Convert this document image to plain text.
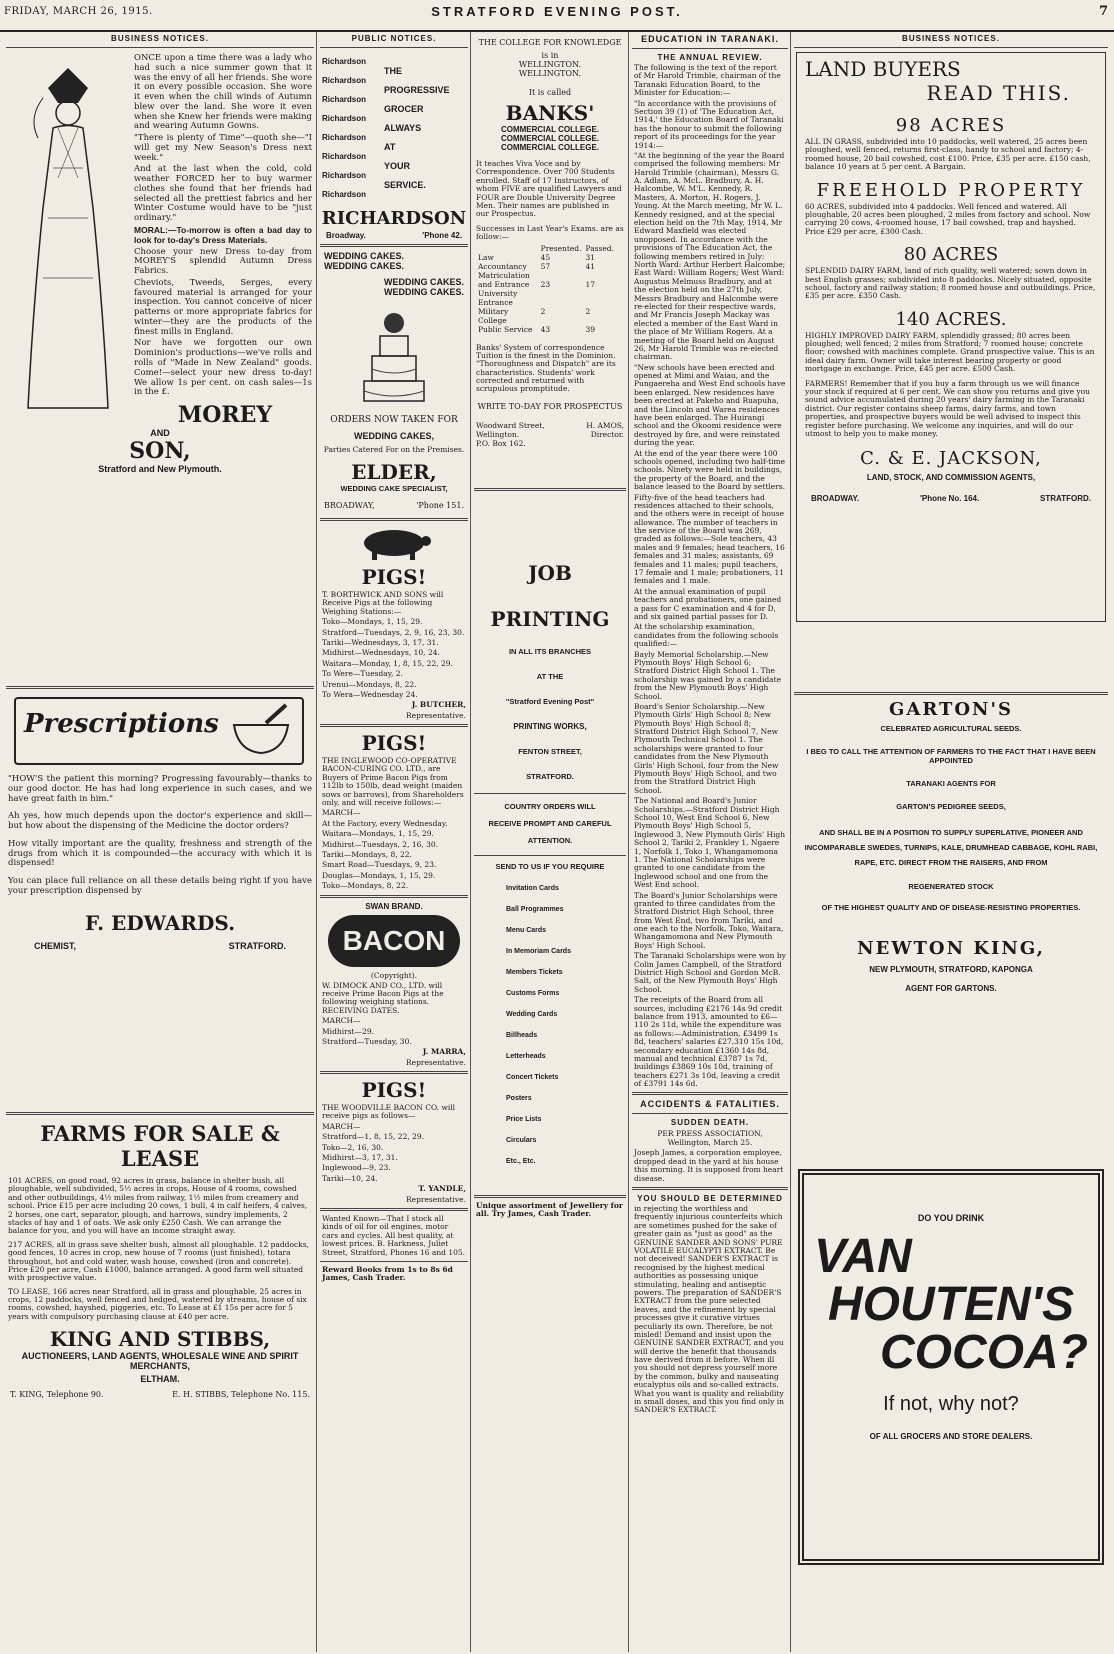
FRIDAY, MARCH 26, 1915.	STRATFORD EVENING POST.	7
BUSINESS NOTICES.
ONCE upon a time there was a lady who had such a nice summer gown that it was the envy of all her friends. She wore it on every possible occasion. She wore it even when the chill winds of Autumn blew over the land. She wore it even when she Knew her friends were making and wearing Autumn Gowns.
"There is plenty of Time"—quoth she—"I will get my New Season's Dress next week."
And at the last when the cold, cold weather FORCED her to buy warmer clothes she found that her friends had selected all the prettiest fabrics and her Winter Costume would have to be "just ordinary."
MORAL:—To-morrow is often a bad day to look for to-day's Dress Materials.
Choose your new Dress to-day from MOREY'S splendid Autumn Dress Fabrics.
Cheviots, Tweeds, Serges, every favoured material is arranged for your inspection. You cannot conceive of nicer patterns or more appropriate fabrics for winter—they are the products of the finest mills in England.
Nor have we forgotten our own Dominion's productions—we've rolls and rolls of "Made in New Zealand" goods. Come!—select your new dress to-day! We allow 1s per cent. on cash sales—1s in the £.
MOREY
AND
SON,
Stratford and New Plymouth.
Prescriptions
"HOW'S the patient this morning? Progressing favourably—thanks to our good doctor. He has had long experience in such cases, and we have great faith in him."
Ah yes, how much depends upon the doctor's experience and skill—but how about the dispensing of the Medicine the doctor orders?
How vitally important are the quality, freshness and strength of the drugs from which it is compounded—the accuracy with which it is dispensed!
You can place full reliance on all these details being right if you have your prescription dispensed by
F. EDWARDS.
CHEMIST,	STRATFORD.
FARMS FOR SALE & LEASE
101 ACRES, on good road, 92 acres in grass, balance in shelter bush, all ploughable, well subdivided, 5½ acres in crops, House of 4 rooms, cowshed and other outbuildings, 4½ miles from railway, 1½ miles from creamery and school. Price £15 per acre including 20 cows, 1 bull, 4 in calf heifers, 4 calves, 2 horses, one cart, separator, plough, and harrows, sundry implements, 2 stacks of hay and 1 of oats. We ask only £250 Cash. We can arrange the balance for you, and you will have an income straight away.
217 ACRES, all in grass save shelter bush, almost all ploughable. 12 paddocks, good fences, 10 acres in crop, new house of 7 rooms (just finished), totara throughout, hot and cold water, wash house, cowshed (iron and concrete). Price £20 per acre, Cash £1000, balance arranged. A good farm well situated with prospective value.
TO LEASE, 166 acres near Stratford, all in grass and ploughable, 25 acres in crops, 12 paddocks, well fenced and hedged, watered by streams, house of six rooms, cowshed, hayshed, piggeries, etc. To Lease at £1 15s per acre for 5 years with compulsory purchasing clause at £40 per acre.
KING AND STIBBS,
AUCTIONEERS, LAND AGENTS, WHOLESALE WINE AND SPIRIT MERCHANTS,
ELTHAM.
T. KING, Telephone 90.	E. H. STIBBS, Telephone No. 115.
PUBLIC NOTICES.
Richardson
Richardson
Richardson
Richardson
Richardson
Richardson
Richardson
Richardson
THE
PROGRESSIVE
GROCER
ALWAYS
AT
YOUR
SERVICE.
RICHARDSON
Broadway.	'Phone 42.
WEDDING CAKES.
WEDDING CAKES.
WEDDING CAKES.
WEDDING CAKES.
ORDERS NOW TAKEN FOR
WEDDING CAKES,
Parties Catered For on the Premises.
ELDER,
WEDDING CAKE SPECIALIST,
BROADWAY,	'Phone 151.
PIGS!
T. BORTHWICK AND SONS will Receive Pigs at the following Weighing Stations:—
Toko—Mondays, 1, 15, 29.
Stratford—Tuesdays, 2, 9, 16, 23, 30.
Tariki—Wednesdays, 3, 17, 31.
Midhirst—Wednesdays, 10, 24.
Waitara—Monday, 1, 8, 15, 22, 29.
To Were—Tuesday, 2.
Urenui—Mondays, 8, 22.
To Wera—Wednesday 24.
J. BUTCHER,
Representative.
PIGS!
THE INGLEWOOD CO-OPERATIVE BACON-CURING CO. LTD., are Buyers of Prime Bacon Pigs from 112lb to 150lb, dead weight (maiden sows or barrows), from Shareholders only, and will receive follows:—
MARCH—
At the Factory, every Wednesday.
Waitara—Mondays, 1, 15, 29.
Midhirst—Tuesdays, 2, 16, 30.
Tariki—Mondays, 8, 22.
Smart Road—Tuesdays, 9, 23.
Douglas—Mondays, 1, 15, 29.
Toko—Mondays, 8, 22.
SWAN BRAND.
BACON
(Copyright).
W. DIMOCK AND CO., LTD. will receive Prime Bacon Pigs at the following weighing stations. RECEIVING DATES.
MARCH—
Midhirst—29.
Stratford—Tuesday, 30.
J. MARRA,
Representative.
PIGS!
THE WOODVILLE BACON CO. will receive pigs as follows—
MARCH—
Stratford—1, 8, 15, 22, 29.
Toko—2, 16, 30.
Midhirst—3, 17, 31.
Inglewood—9, 23.
Tariki—10, 24.
T. YANDLE,
Representative.
Wanted Known—That I stock all kinds of oil for oil engines, motor cars and cycles. All best quality, at lowest prices. B. Harkness, Juliet Street, Stratford, Phones 16 and 105.
Reward Books from 1s to 8s 6d James, Cash Trader.
THE COLLEGE FOR KNOWLEDGE
is in
WELLINGTON.
WELLINGTON.
It is called
BANKS'
COMMERCIAL COLLEGE.
COMMERCIAL COLLEGE.
COMMERCIAL COLLEGE.
It teaches Viva Voce and by Correspondence. Over 700 Students enrolled. Staff of 17 Instructors, of whom FIVE are qualified Lawyers and FOUR are Double University Degree Men. Their names are published in our Prospectus.
Successes in Last Year's Exams. are as follow:—
	Presented.	Passed.
Law	45	31
Accountancy	57	41
Matriculation and Entrance University	23	17
Entrance Military College	2	2
Public Service	43	39
Banks' System of correspondence Tuition is the finest in the Dominion. "Thoroughness and Dispatch" are its characteristics. Students' work corrected and returned with scrupulous promptitude.
WRITE TO-DAY FOR PROSPECTUS
Woodward Street,
Wellington.
P.O. Box 162.
H. AMOS,
Director.
JOB
PRINTING
IN ALL ITS BRANCHES
AT THE
"Stratford Evening Post"
PRINTING WORKS,
FENTON STREET,
STRATFORD.
COUNTRY ORDERS WILL
RECEIVE PROMPT AND CAREFUL
ATTENTION.
SEND TO US IF YOU REQUIRE
Invitation Cards
Ball Programmes
Menu Cards
In Memoriam Cards
Members Tickets
Customs Forms
Wedding Cards
Billheads
Letterheads
Concert Tickets
Posters
Price Lists
Circulars
Etc., Etc.
Unique assortment of Jewellery for all. Try James, Cash Trader.
EDUCATION IN TARANAKI.
THE ANNUAL REVIEW.
The following is the text of the report of Mr Harold Trimble, chairman of the Taranaki Education Board, to the Minister for Education:—
"In accordance with the provisions of Section 39 (1) of 'The Education Act, 1914,' the Education Board of Taranaki has the honour to submit the following report of its proceedings for the year 1914:—
"At the beginning of the year the Board comprised the following members: Mr Harold Trimble (chairman), Messrs G. A. Adlam, A. McL. Bradbury, A. H. Halcombe, W. M'L. Kennedy, R. Masters, A. Morton, H. Rogers, J. Young. At the March meeting, Mr W. L. Kennedy resigned, and at the special election held on the 7th May, 1914, Mr Edward Maxfield was elected unopposed. In accordance with the provisions of The Education Act, the following members retired in July: North Ward: Arthur Herbert Halcombe; East Ward: William Rogers; West Ward: Augustus Melmuss Bradbury, and at the election held on the 27th July, Messrs Bradbury and Halcombe were re-elected for their respective wards, and Mr Francis Joseph Mackay was elected a member of the East Ward in the place of Mr William Rogers. At a meeting of the Board held on August 26, Mr Harold Trimble was re-elected chairman.
"New schools have been erected and opened at Mimi and Waiau, and the Pungaereha and West End schools have been enlarged. New residences have been erected at Pakeho and Ruapuha, and the Lincoln and Warea residences have been enlarged. The Huirangi school and the Okoomi residence were destroyed by fire, and were reinstated during the year.
At the end of the year there were 100 schools opened, including two half-time schools. Ninety were held in buildings, the property of the Board, and the balance leased to the Board by settlers.
Fifty-five of the head teachers had residences attached to their schools, and the others were in receipt of house allowance. The number of teachers in the service of the Board was 269, graded as follows:—Sole teachers, 43 males and 9 females; head teachers, 16 females and 31 males; assistants, 69 females and 11 males; pupil teachers, 17 female and 1 male; probationers, 11 females and 1 male.
At the annual examination of pupil teachers and probationers, one gained a pass for C examination and 4 for D, and six gained partial passes for D.
At the scholarship examination, candidates from the following schools qualified:—
Bayly Memorial Scholarship.—New Plymouth Boys' High School 6; Stratford District High School 1. The scholarship was gained by a candidate from the New Plymouth Boys' High School.
Board's Senior Scholarship.—New Plymouth Girls' High School 8; New Plymouth Boys' High School 8; Stratford District High School 7, New Plymouth Technical School 1. The scholarships were granted to four candidates from the New Plymouth Girls' High School, four from the New Plymouth Boys' High School, and two from the Stratford District High School.
The National and Board's Junior Scholarships.—Stratford District High School 10, West End School 6, New Plymouth Boys' High School 5, Inglewood 3, New Plymouth Girls' High School 2, Tariki 2, Frankley 1, Ngaere 1, Norfolk 1, Toko 1, Whangamomona 1. The National Scholarships were granted to one candidate from the Inglewood school and one from the West End school.
The Board's Junior Scholarships were granted to three candidates from the Stratford District High School, three from West End, two from Tariki, and one each to the Norfolk, Toko, Waitara, Whangamomona and New Plymouth Boys' High School.
The Taranaki Scholarships were won by Colin James Campbell, of the Stratford District High School and Gordon McB. Salt, of the New Plymouth Boys' High School.
The receipts of the Board from all sources, including £2176 14s 9d credit balance from 1913, amounted to £6—110 2s 11d, while the expenditure was as follows:—Administration, £3499 1s 8d, teachers' salaries £27,310 15s 10d, secondary education £1360 14s 8d, manual and technical £3787 1s 7d, buildings £3869 10s 10d, training of teachers £271 3s 10d, leaving a credit of £3791 14s 6d.
ACCIDENTS & FATALITIES.
SUDDEN DEATH.
PER PRESS ASSOCIATION,
Wellington, March 25.
Joseph James, a corporation employee, dropped dead in the yard at his house this morning. It is supposed from heart disease.
YOU SHOULD BE DETERMINED
in rejecting the worthless and frequently injurious counterfeits which are sometimes pushed for the sake of greater gain as "just as good" as the GENUINE SANDER AND SONS' PURE VOLATILE EUCALYPTI EXTRACT. Be not deceived! SANDER'S EXTRACT is recognised by the highest medical authorities as possessing unique stimulating, healing and antiseptic powers. The preparation of SANDER'S EXTRACT from the pure selected leaves, and the refinement by special processes give it curative virtues peculiarly its own. Therefore, be not misled! Demand and insist upon the GENUINE SANDER EXTRACT, and you will derive the benefit that thousands have derived from it before. When ill you should not depress yourself more by the common, bulky and nauseating eucalyptus oils and so-called extracts. What you want is quality and reliability in small doses, and this you find only in SANDER'S EXTRACT.
BUSINESS NOTICES.
LAND BUYERS
READ THIS.
98 ACRES
ALL IN GRASS, subdivided into 10 paddocks, well watered, 25 acres been ploughed, well fenced, returns first-class, handy to school and factory; 4-roomed house, 20 bail cowshed, cost £100. Price, £35 per acre. £150 cash, balance 10 years at 5 per cent. A Bargain.
FREEHOLD PROPERTY
60 ACRES, subdivided into 4 paddocks. Well fenced and watered. All ploughable, 20 acres been ploughed, 2 miles from factory and school. Now carrying 20 cows, 4-roomed house, 17 bail cowshed, trap and hayshed. Price £29 per acre, £300 Cash.
80 ACRES
SPLENDID DAIRY FARM, land of rich quality, well watered; sown down in best English grasses; subdivided into 8 paddocks. Nicely situated, opposite school, factory and railway station; 8 roomed house and outbuildings. Price, £35 per acre. £350 Cash.
140 ACRES.
HIGHLY IMPROVED DAIRY FARM, splendidly grassed; 80 acres been ploughed; well fenced; 2 miles from Stratford; 7 roomed house; concrete floor; cowshed with machines complete. Grand prospective value. This is an ideal dairy farm. Owner will take interest bearing property or good mortgage in exchange. Price, £45 per acre. £500 Cash.
FARMERS! Remember that if you buy a farm through us we will finance your stock if required at 6 per cent. We can show you returns and give you sound advice accumulated during 20 years' dairy farming in the Taranaki district. Our register contains sheep farms, dairy farms, and town properties, and prospective buyers would be well advised to inspect this register before purchasing. We welcome any inquiries, and will do our utmost to help you to make money.
C. & E. JACKSON,
LAND, STOCK, AND COMMISSION AGENTS,
BROADWAY.	'Phone No. 164.	STRATFORD.
GARTON'S
CELEBRATED AGRICULTURAL SEEDS.
I BEG TO CALL THE ATTENTION OF FARMERS TO THE FACT THAT I HAVE BEEN APPOINTED
TARANAKI AGENTS FOR
GARTON'S PEDIGREE SEEDS,
AND SHALL BE IN A POSITION TO SUPPLY SUPERLATIVE, PIONEER AND INCOMPARABLE SWEDES, TURNIPS, KALE, DRUMHEAD CABBAGE, KOHL RABI, RAPE, ETC. DIRECT FROM THE RAISERS, AND FROM
REGENERATED STOCK
OF THE HIGHEST QUALITY AND OF DISEASE-RESISTING PROPERTIES.
NEWTON KING,
NEW PLYMOUTH, STRATFORD, KAPONGA
AGENT FOR GARTONS.
DO YOU DRINK
VAN
HOUTEN'S
COCOA?
If not, why not?
OF ALL GROCERS AND STORE DEALERS.
